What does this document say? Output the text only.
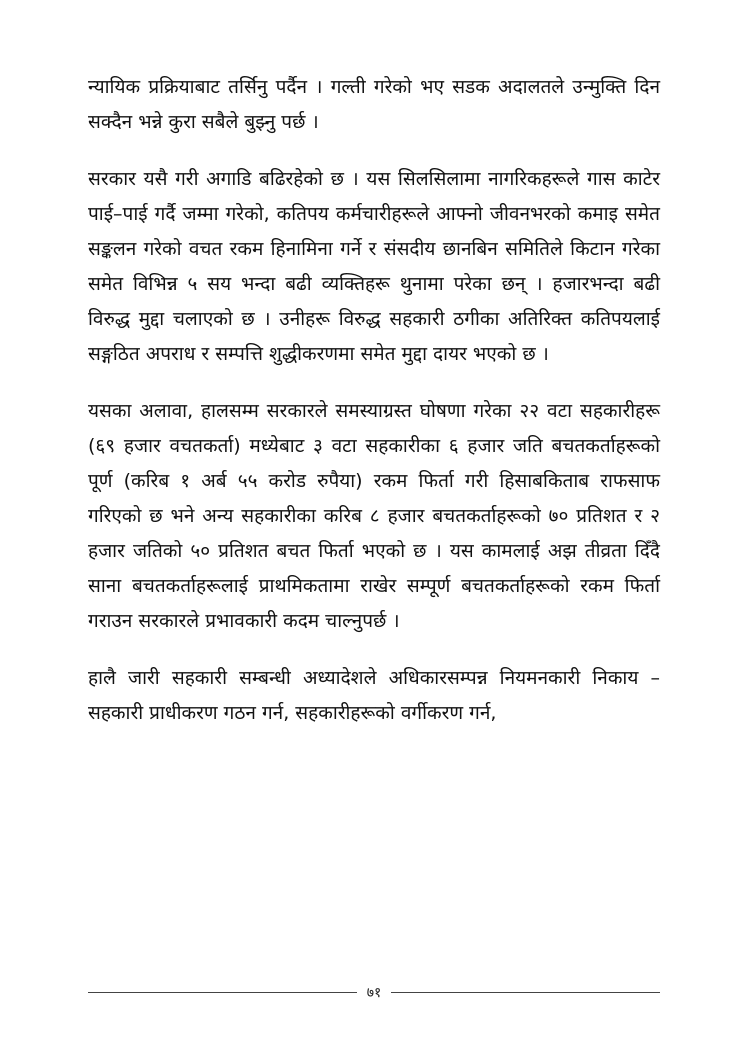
न्यायिक प्रक्रियाबाट तर्सिनु पर्दैन । गल्ती गरेको भए सडक अदालतले उन्मुक्ति दिन सक्दैन भन्ने कुरा सबैले बुझ्नु पर्छ ।

सरकार यसै गरी अगाडि बढिरहेको छ । यस सिलसिलामा नागरिकहरूले गास काटेर पाई–पाई गर्दै जम्मा गरेको, कतिपय कर्मचारीहरूले आफ्नो जीवनभरको कमाइ समेत सङ्कलन गरेको वचत रकम हिनामिना गर्ने र संसदीय छानबिन समितिले किटान गरेका समेत विभिन्न ५ सय भन्दा बढी व्यक्तिहरू थुनामा परेका छन् । हजारभन्दा बढी विरुद्ध मुद्दा चलाएको छ । उनीहरू विरुद्ध सहकारी ठगीका अतिरिक्त कतिपयलाई सङ्गठित अपराध र सम्पत्ति शुद्धीकरणमा समेत मुद्दा दायर भएको छ ।

यसका अलावा, हालसम्म सरकारले समस्याग्रस्त घोषणा गरेका २२ वटा सहकारीहरू (६९ हजार वचतकर्ता) मध्येबाट ३ वटा सहकारीका ६ हजार जति बचतकर्ताहरूको पूर्ण (करिब १ अर्ब ५५ करोड रुपैया) रकम फिर्ता गरी हिसाबकिताब राफसाफ गरिएको छ भने अन्य सहकारीका करिब ८ हजार बचतकर्ताहरूको ७० प्रतिशत र २ हजार जतिको ५० प्रतिशत बचत फिर्ता भएको छ । यस कामलाई अझ तीव्रता दिँदै साना बचतकर्ताहरूलाई प्राथमिकतामा राखेर सम्पूर्ण बचतकर्ताहरूको रकम फिर्ता गराउन सरकारले प्रभावकारी कदम चाल्नुपर्छ ।

हालै जारी सहकारी सम्बन्धी अध्यादेशले अधिकारसम्पन्न नियमनकारी निकाय – सहकारी प्राधीकरण गठन गर्न, सहकारीहरूको वर्गीकरण गर्न,

७१
